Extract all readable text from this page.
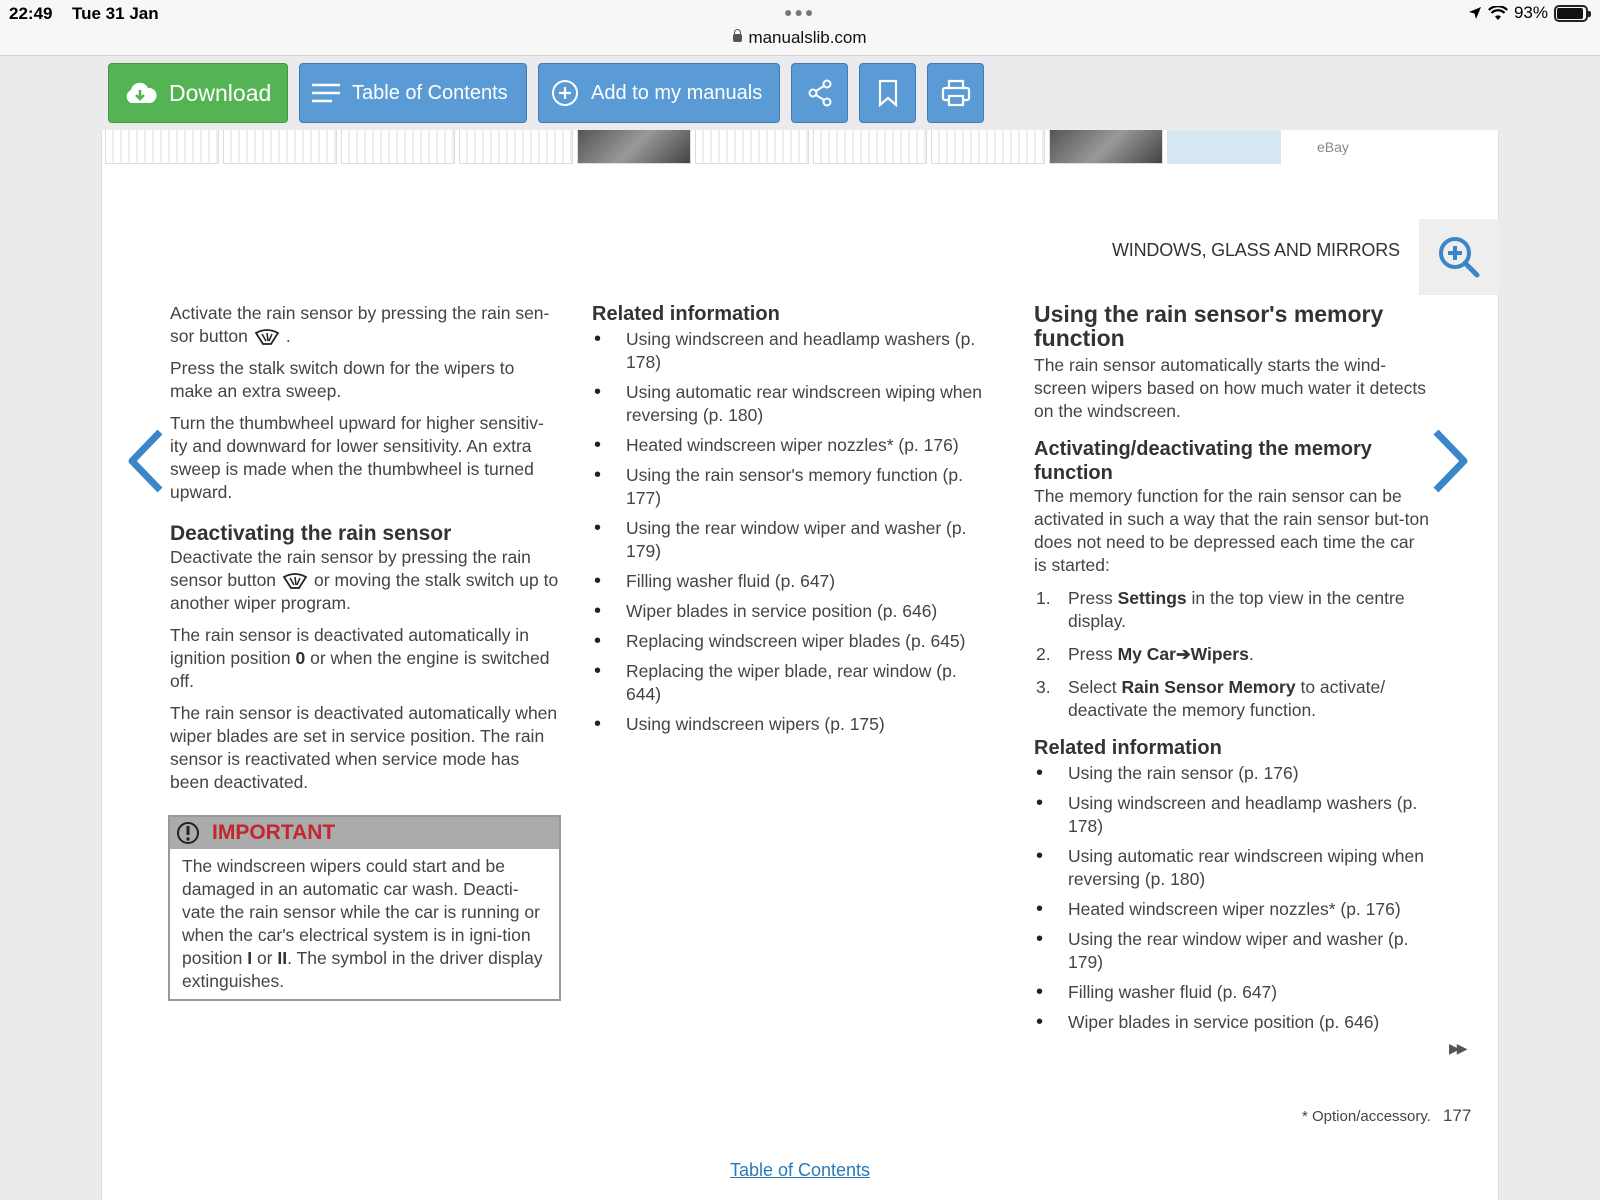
22:49 Tue 31 Jan	●●●	93%
manualslib.com
Download	Table of Contents	Add to my manuals
eBay
WINDOWS, GLASS AND MIRRORS

Activate the rain sensor by pressing the rain sen-sor button .

Press the stalk switch down for the wipers to make an extra sweep.

Turn the thumbwheel upward for higher sensitiv-ity and downward for lower sensitivity. An extra sweep is made when the thumbwheel is turned upward.

Deactivating the rain sensor

Deactivate the rain sensor by pressing the rain sensor button or moving the stalk switch up to another wiper program.

The rain sensor is deactivated automatically in ignition position 0 or when the engine is switched off.

The rain sensor is deactivated automatically when wiper blades are set in service position. The rain sensor is reactivated when service mode has been deactivated.

IMPORTANT
The windscreen wipers could start and be damaged in an automatic car wash. Deacti-vate the rain sensor while the car is running or when the car's electrical system is in igni-tion position I or II. The symbol in the driver display extinguishes.
Related information
• Using windscreen and headlamp washers (p. 178)
• Using automatic rear windscreen wiping when reversing (p. 180)
• Heated windscreen wiper nozzles* (p. 176)
• Using the rain sensor's memory function (p. 177)
• Using the rear window wiper and washer (p. 179)
• Filling washer fluid (p. 647)
• Wiper blades in service position (p. 646)
• Replacing windscreen wiper blades (p. 645)
• Replacing the wiper blade, rear window (p. 644)
• Using windscreen wipers (p. 175)
Using the rain sensor's memory function

The rain sensor automatically starts the wind-screen wipers based on how much water it detects on the windscreen.

Activating/deactivating the memory function

The memory function for the rain sensor can be activated in such a way that the rain sensor but-ton does not need to be depressed each time the car is started:

1. Press Settings in the top view in the centre display.
2. Press My Car➔Wipers.
3. Select Rain Sensor Memory to activate/ deactivate the memory function.
Related information
• Using the rain sensor (p. 176)
• Using windscreen and headlamp washers (p. 178)
• Using automatic rear windscreen wiping when reversing (p. 180)
• Heated windscreen wiper nozzles* (p. 176)
• Using the rear window wiper and washer (p. 179)
• Filling washer fluid (p. 647)
• Wiper blades in service position (p. 646)
▶▶
* Option/accessory. 177
Table of Contents
